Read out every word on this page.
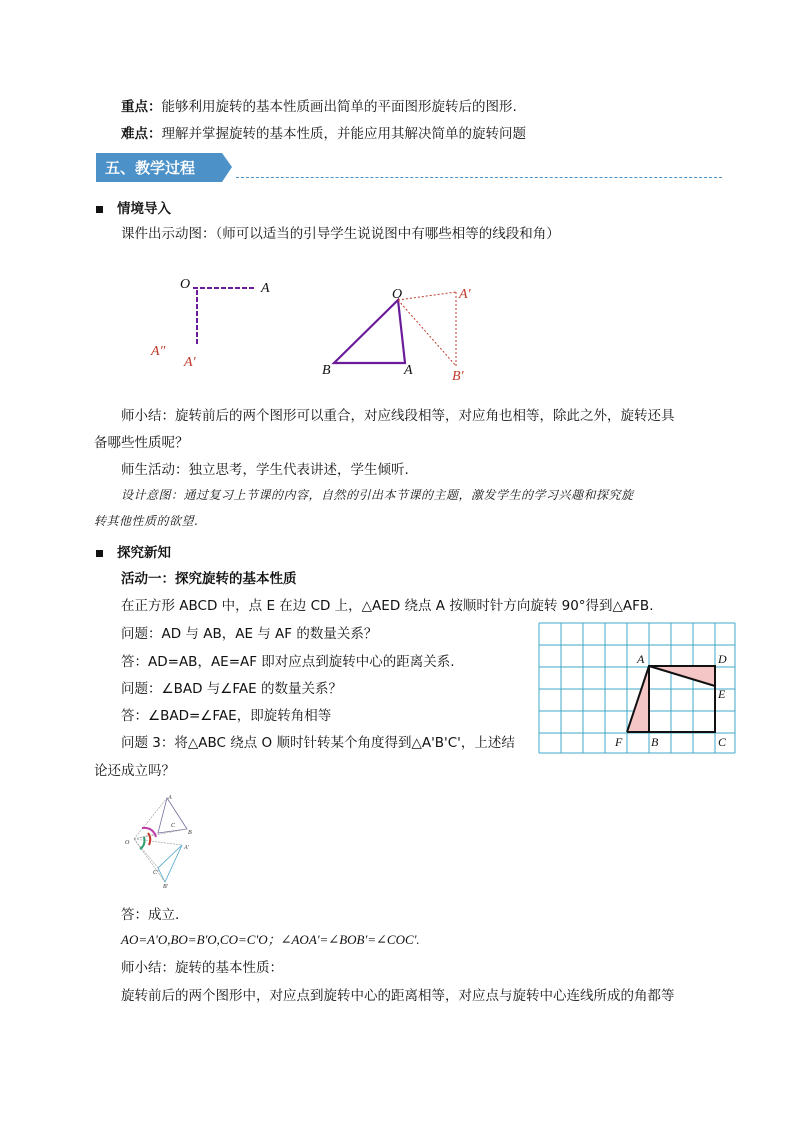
重点：能够利用旋转的基本性质画出简单的平面图形旋转后的图形.
难点：理解并掌握旋转的基本性质，并能应用其解决简单的旋转问题
五、教学过程
情境导入
课件出示动图：（师可以适当的引导学生说说图中有哪些相等的线段和角）
O	A
A″
A′
O	A′
B	A	B′
师小结：旋转前后的两个图形可以重合，对应线段相等，对应角也相等，除此之外，旋转还具
备哪些性质呢？
师生活动：独立思考，学生代表讲述，学生倾听.
设计意图：通过复习上节课的内容，自然的引出本节课的主题，激发学生的学习兴趣和探究旋
转其他性质的欲望.
探究新知
活动一：探究旋转的基本性质
在正方形 ABCD 中，点 E 在边 CD 上，△AED 绕点 A 按顺时针方向旋转 90°得到△AFB.
问题：AD 与 AB，AE 与 AF 的数量关系？
答：AD=AB，AE=AF 即对应点到旋转中心的距离关系.
问题：∠BAD 与∠FAE 的数量关系？
答：∠BAD=∠FAE，即旋转角相等
问题 3：将△ABC 绕点 O 顺时针转某个角度得到△A'B'C'，上述结
论还成立吗？
A	D
E
F B	C
O
A
B
C
A'
B'
C'
答：成立.
AO=A'O,BO=B'O,CO=C'O；∠AOA'=∠BOB'=∠COC'.
师小结：旋转的基本性质：
旋转前后的两个图形中，对应点到旋转中心的距离相等，对应点与旋转中心连线所成的角都等
